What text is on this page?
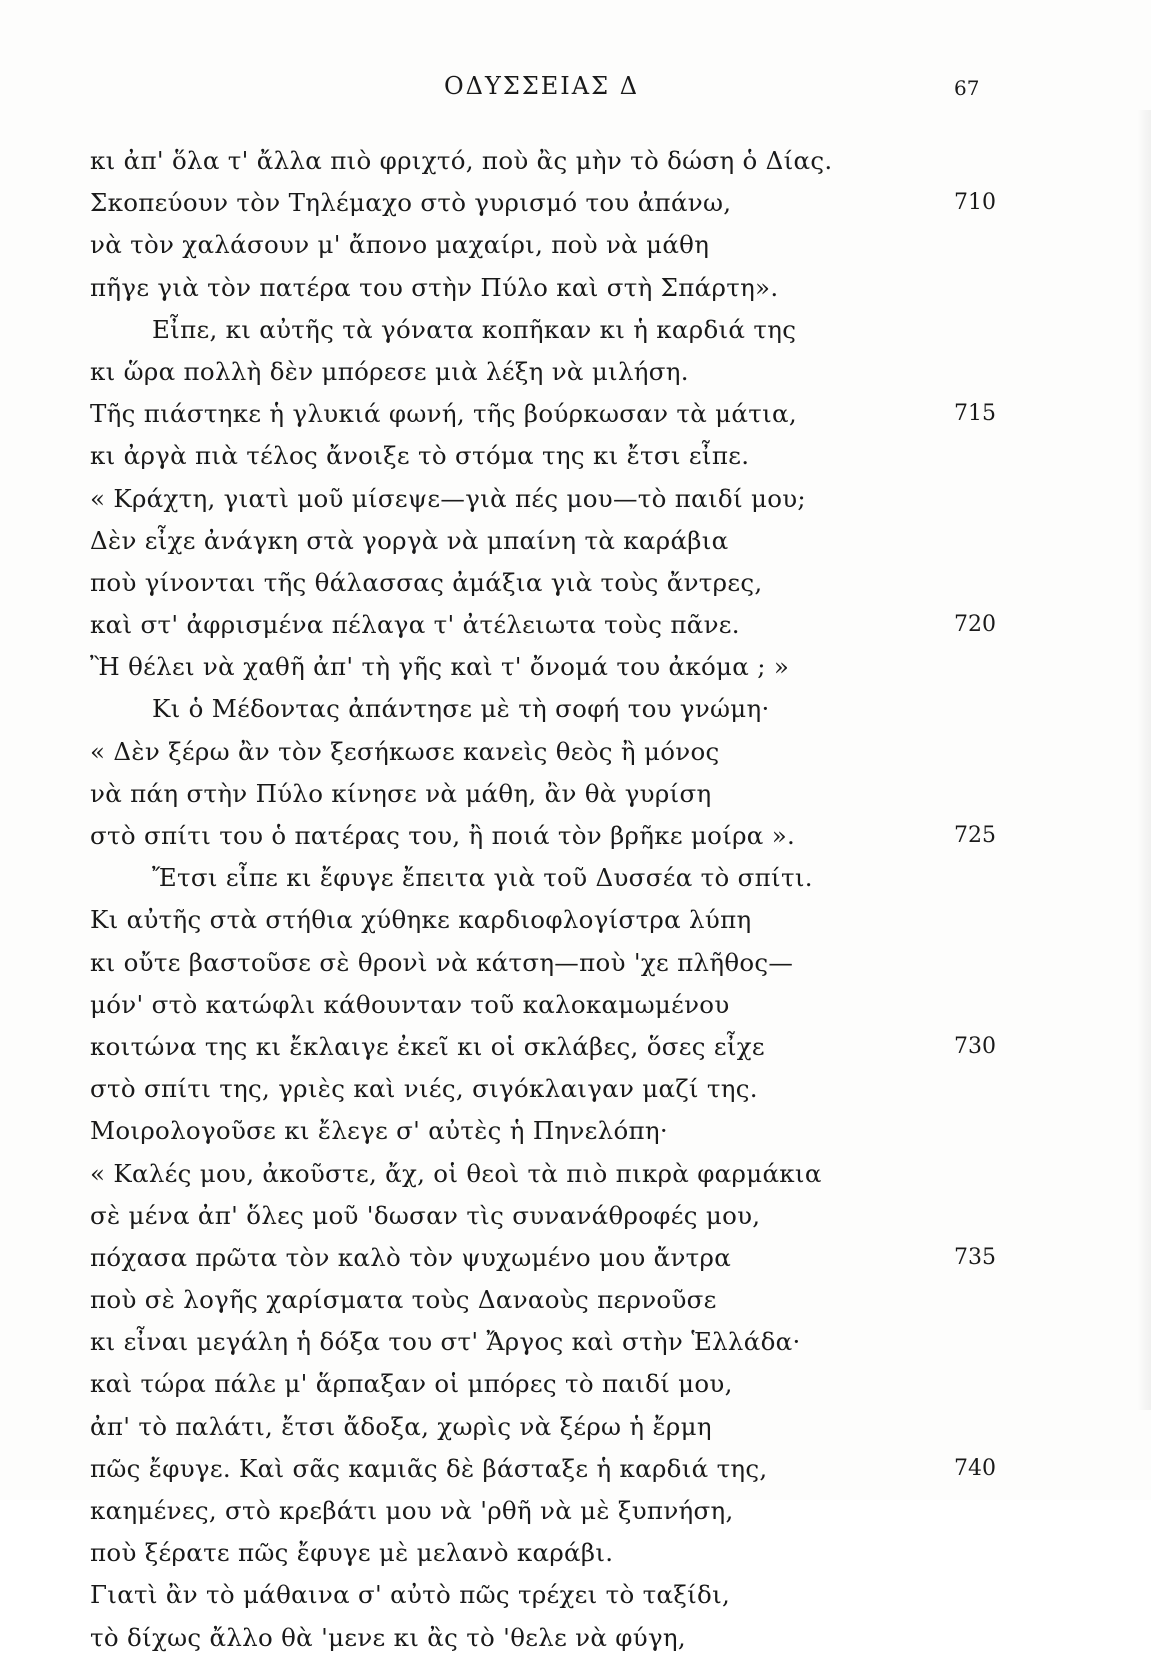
ΟΔΥΣΣΕΙΑΣ Δ	67
κι ἀπ' ὅλα τ' ἄλλα πιὸ φριχτό, ποὺ ἂς μὴν τὸ δώση ὁ Δίας.
Σκοπεύουν τὸν Τηλέμαχο στὸ γυρισμό του ἀπάνω,	710
νὰ τὸν χαλάσουν μ' ἄπονο μαχαίρι, ποὺ νὰ μάθη
πῆγε γιὰ τὸν πατέρα του στὴν Πύλο καὶ στὴ Σπάρτη».
Εἶπε, κι αὐτῆς τὰ γόνατα κοπῆκαν κι ἡ καρδιά της
κι ὥρα πολλὴ δὲν μπόρεσε μιὰ λέξη νὰ μιλήση.
Τῆς πιάστηκε ἡ γλυκιά φωνή, τῆς βούρκωσαν τὰ μάτια,	715
κι ἀργὰ πιὰ τέλος ἄνοιξε τὸ στόμα της κι ἔτσι εἶπε.
« Κράχτη, γιατὶ μοῦ μίσεψε—γιὰ πές μου—τὸ παιδί μου;
Δὲν εἶχε ἀνάγκη στὰ γοργὰ νὰ μπαίνη τὰ καράβια
ποὺ γίνονται τῆς θάλασσας ἀμάξια γιὰ τοὺς ἄντρες,
καὶ στ' ἀφρισμένα πέλαγα τ' ἀτέλειωτα τοὺς πᾶνε.	720
Ἢ θέλει νὰ χαθῆ ἀπ' τὴ γῆς καὶ τ' ὄνομά του ἀκόμα ; »
Κι ὁ Μέδοντας ἀπάντησε μὲ τὴ σοφή του γνώμη·
« Δὲν ξέρω ἂν τὸν ξεσήκωσε κανεὶς θεὸς ἢ μόνος
νὰ πάη στὴν Πύλο κίνησε νὰ μάθη, ἂν θὰ γυρίση
στὸ σπίτι του ὁ πατέρας του, ἢ ποιά τὸν βρῆκε μοίρα ».	725
Ἔτσι εἶπε κι ἔφυγε ἔπειτα γιὰ τοῦ Δυσσέα τὸ σπίτι.
Κι αὐτῆς στὰ στήθια χύθηκε καρδιοφλογίστρα λύπη
κι οὔτε βαστοῦσε σὲ θρονὶ νὰ κάτση—ποὺ 'χε πλῆθος—
μόν' στὸ κατώφλι κάθουνταν τοῦ καλοκαμωμένου
κοιτώνα της κι ἔκλαιγε ἐκεῖ κι οἱ σκλάβες, ὅσες εἶχε	730
στὸ σπίτι της, γριὲς καὶ νιές, σιγόκλαιγαν μαζί της.
Μοιρολογοῦσε κι ἔλεγε σ' αὐτὲς ἡ Πηνελόπη·
« Καλές μου, ἀκοῦστε, ἄχ, οἱ θεοὶ τὰ πιὸ πικρὰ φαρμάκια
σὲ μένα ἀπ' ὅλες μοῦ 'δωσαν τὶς συνανάθροφές μου,
πόχασα πρῶτα τὸν καλὸ τὸν ψυχωμένο μου ἄντρα	735
ποὺ σὲ λογῆς χαρίσματα τοὺς Δαναοὺς περνοῦσε
κι εἶναι μεγάλη ἡ δόξα του στ' Ἄργος καὶ στὴν Ἑλλάδα·
καὶ τώρα πάλε μ' ἅρπαξαν οἱ μπόρες τὸ παιδί μου,
ἀπ' τὸ παλάτι, ἔτσι ἄδοξα, χωρὶς νὰ ξέρω ἡ ἔρμη
πῶς ἔφυγε. Καὶ σᾶς καμιᾶς δὲ βάσταξε ἡ καρδιά της,	740
καημένες, στὸ κρεβάτι μου νὰ 'ρθῆ νὰ μὲ ξυπνήση,
ποὺ ξέρατε πῶς ἔφυγε μὲ μελανὸ καράβι.
Γιατὶ ἂν τὸ μάθαινα σ' αὐτὸ πῶς τρέχει τὸ ταξίδι,
τὸ δίχως ἄλλο θὰ 'μενε κι ἂς τὸ 'θελε νὰ φύγη,
